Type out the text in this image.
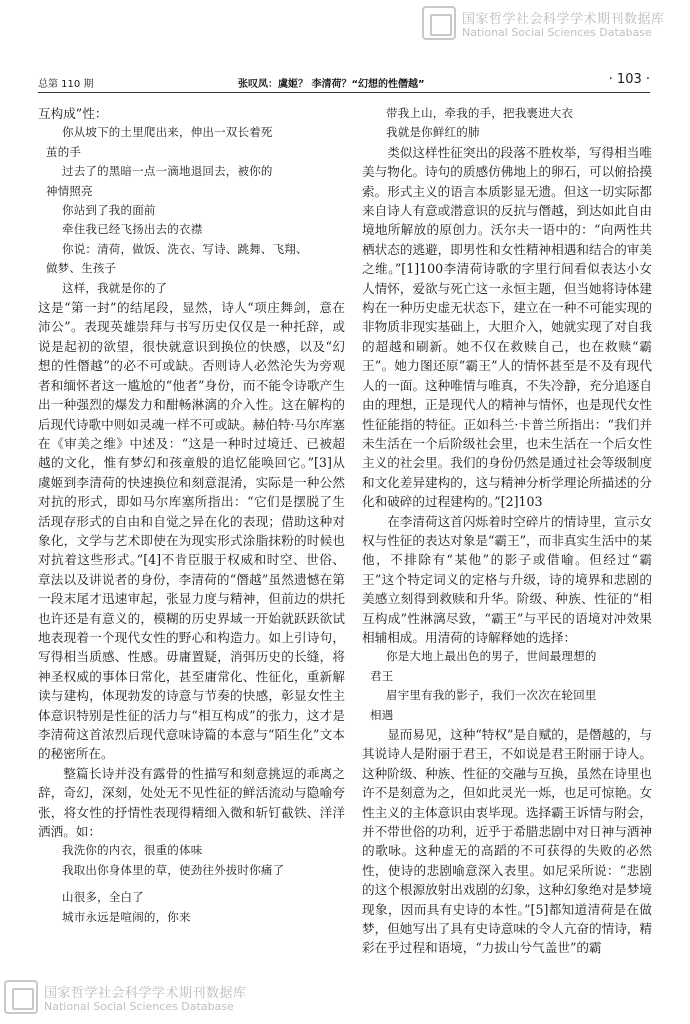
国家哲学社会科学学术期刊数据库
National Social Sciences Database
总第 110 期	张叹凤：虞姬？ 李清荷？“幻想的性僭越”	· 103 ·

互构成”性：

你从坡下的土里爬出来，伸出一双长着死

茧的手

过去了的黑暗一点一滴地退回去，被你的

神情照亮

你站到了我的面前

牵住我已经飞扬出去的衣襟

你说：清荷，做饭、洗衣、写诗、跳舞、飞翔、

做梦、生孩子

这样，我就是你的了

这是“第一封”的结尾段，显然，诗人“项庄舞剑，意在沛公”。表现英雄崇拜与书写历史仅仅是一种托辞，或说是起初的欲望，很快就意识到换位的快感，以及“幻想的性僭越”的必不可或缺。否则诗人必然沦失为旁观者和缅怀者这一尴尬的“他者”身份，而不能令诗歌产生出一种强烈的爆发力和酣畅淋漓的介入性。这在解构的后现代诗歌中则如灵魂一样不可或缺。赫伯特·马尔库塞在《审美之维》中述及：“这是一种时过境迁、已被超越的文化，惟有梦幻和孩童般的追忆能唤回它。”[3]从虞姬到李清荷的快速换位和刻意混淆，实际是一种公然对抗的形式，即如马尔库塞所指出：“它们是摆脱了生活现存形式的自由和自觉之异在化的表现；借助这种对象化，文学与艺术即使在为现实形式涂脂抹粉的时候也对抗着这些形式。”[4]不肯臣服于权威和时空、世俗、章法以及讲说者的身份，李清荷的“僭越”虽然遗憾在第一段末尾才迅速审起，张显力度与精神，但前边的烘托也许还是有意义的，模糊的历史界域一开始就跃跃欲试地表现着一个现代女性的野心和构造力。如上引诗句，写得相当质感、性感。毋庸置疑，消弭历史的长缝，将神圣权威的事体日常化，甚至庸常化、性征化，重新解读与建构，体现勃发的诗意与节奏的快感，彰显女性主体意识特别是性征的活力与“相互构成”的张力，这才是李清荷这首浓烈后现代意味诗篇的本意与“陌生化”文本的秘密所在。

整篇长诗并没有露骨的性描写和刻意挑逗的乖离之辞，奇幻，深刻，处处无不见性征的鲜活流动与隐喻夸张，将女性的抒情性表现得精细入微和斩钉截铁、洋洋洒洒。如：

我洗你的内衣，很重的体味

我取出你身体里的草，使劲往外拔时你痛了

山很多，全白了

城市永远是喧闹的，你来

带我上山，牵我的手，把我裹进大衣

我就是你鲜红的肺

类似这样性征突出的段落不胜枚举，写得相当唯美与物化。诗句的质感仿佛地上的卵石，可以俯拾摸索。形式主义的语言本质影显无遗。但这一切实际都来自诗人有意或潜意识的反抗与僭越，到达如此自由境地所解放的原创力。沃尔夫一语中的：“向两性共栖状态的逃避，即男性和女性精神相遇和结合的审美之维。”[1]100李清荷诗歌的字里行间看似表达小女人情怀，爱欲与死亡这一永恒主题，但当她将诗体建构在一种历史虚无状态下，建立在一种不可能实现的非物质非现实基础上，大胆介入，她就实现了对自我的超越和刷新。她不仅在救赎自己，也在救赎“霸王”。她力图还原“霸王”人的情怀甚至是不及有现代人的一面。这种唯情与唯真，不失冷静，充分追逐自由的理想，正是现代人的精神与情怀，也是现代女性性征能指的特征。正如科兰·卡普兰所指出：“我们并未生活在一个后阶级社会里，也未生活在一个后女性主义的社会里。我们的身份仍然是通过社会等级制度和文化差异建构的，这与精神分析学理论所描述的分化和破碎的过程建构的。”[2]103

在李清荷这首闪烁着时空碎片的情诗里，宣示女权与性征的表达对象是“霸王”，而非真实生活中的某他，不排除有“某他”的影子或借喻。但经过“霸王”这个特定词义的定格与升级，诗的境界和悲剧的美感立刻得到救赎和升华。阶级、种族、性征的“相互构成”性淋漓尽致，“霸王”与平民的语境对冲效果相辅相成。用清荷的诗解释她的选择：

你是大地上最出色的男子，世间最理想的

君王

眉宇里有我的影子，我们一次次在轮回里

相遇

显而易见，这种“特权”是自赋的，是僭越的，与其说诗人是附丽于君王，不如说是君王附丽于诗人。这种阶级、种族、性征的交融与互换，虽然在诗里也许不是刻意为之，但如此灵光一烁，也足可惊艳。女性主义的主体意识由衷毕现。选择霸王诉情与附会，并不带世俗的功利，近乎于希腊悲剧中对日神与酒神的歌咏。这种虚无的高蹈的不可获得的失败的必然性，使诗的悲剧喻意深入表里。如尼采所说：“悲剧的这个根源放射出戏剧的幻象，这种幻象绝对是梦境现象，因而具有史诗的本性。”[5]都知道清荷是在做梦，但她写出了具有史诗意味的令人亢奋的情诗，精彩在乎过程和语境，“力拔山兮气盖世”的霸

国家哲学社会科学学术期刊数据库
National Social Sciences Database
